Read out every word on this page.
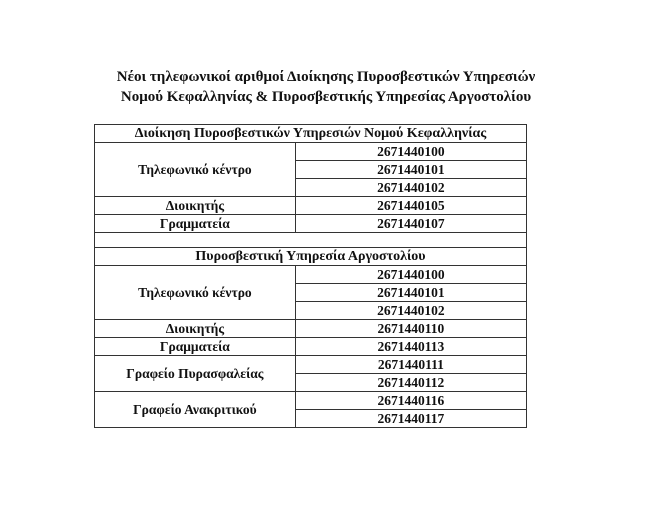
Νέοι τηλεφωνικοί αριθμοί Διοίκησης Πυροσβεστικών Υπηρεσιών
Νομού Κεφαλληνίας & Πυροσβεστικής Υπηρεσίας Αργοστολίου
Διοίκηση Πυροσβεστικών Υπηρεσιών Νομού Κεφαλληνίας	
Τηλεφωνικό κέντρο	2671440100
	2671440101
	2671440102
Διοικητής	2671440105
Γραμματεία	2671440107

Πυροσβεστική Υπηρεσία Αργοστολίου	
Τηλεφωνικό κέντρο	2671440100
	2671440101
	2671440102
Διοικητής	2671440110
Γραμματεία	2671440113
Γραφείο Πυρασφαλείας	2671440111
	2671440112
Γραφείο Ανακριτικού	2671440116
	2671440117
